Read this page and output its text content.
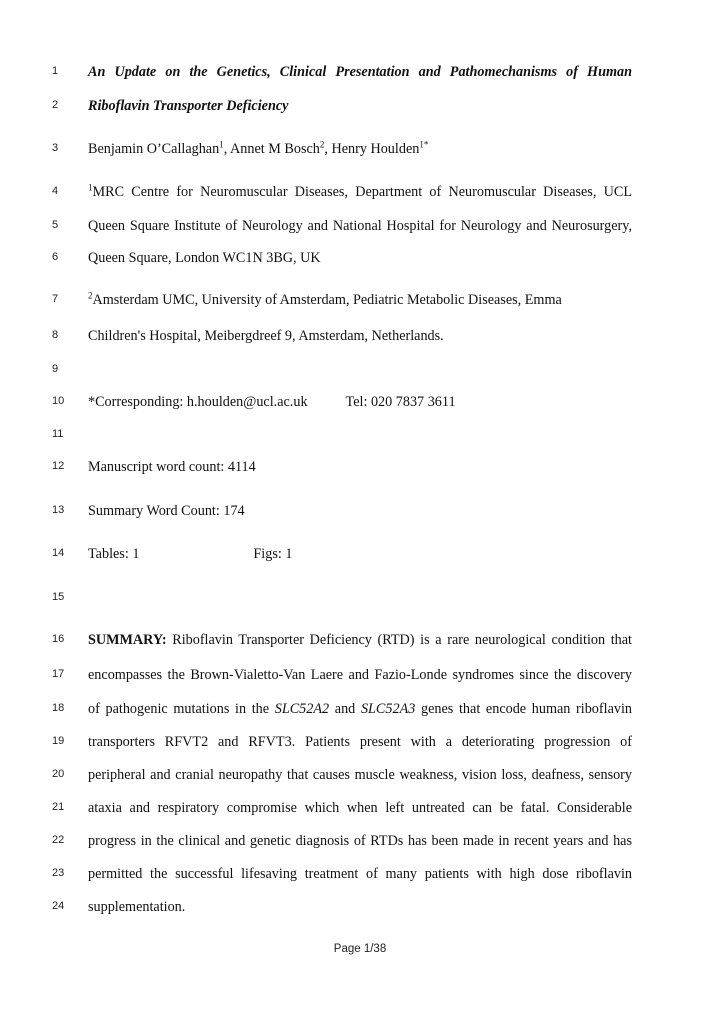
1	An Update on the Genetics, Clinical Presentation and Pathomechanisms of Human
2	Riboflavin Transporter Deficiency
3	Benjamin O’Callaghan$^1$, Annet M Bosch$^2$, Henry Houlden$^{1*}$
4	$^1$MRC Centre for Neuromuscular Diseases, Department of Neuromuscular Diseases, UCL
5	Queen Square Institute of Neurology and National Hospital for Neurology and Neurosurgery,
6	Queen Square, London WC1N 3BG, UK
7	$^2$Amsterdam UMC, University of Amsterdam, Pediatric Metabolic Diseases, Emma
8	Children's Hospital, Meibergdreef 9, Amsterdam, Netherlands.
9
10	*Corresponding: h.houlden@ucl.ac.uk	Tel: 020 7837 3611
11
12	Manuscript word count: 4114
13	Summary Word Count: 174
14	Tables: 1	Figs: 1
15
16	SUMMARY: Riboflavin Transporter Deficiency (RTD) is a rare neurological condition that
17	encompasses the Brown-Vialetto-Van Laere and Fazio-Londe syndromes since the discovery
18	of pathogenic mutations in the SLC52A2 and SLC52A3 genes that encode human riboflavin
19	transporters RFVT2 and RFVT3. Patients present with a deteriorating progression of
20	peripheral and cranial neuropathy that causes muscle weakness, vision loss, deafness, sensory
21	ataxia and respiratory compromise which when left untreated can be fatal. Considerable
22	progress in the clinical and genetic diagnosis of RTDs has been made in recent years and has
23	permitted the successful lifesaving treatment of many patients with high dose riboflavin
24	supplementation.
Page 1/38
